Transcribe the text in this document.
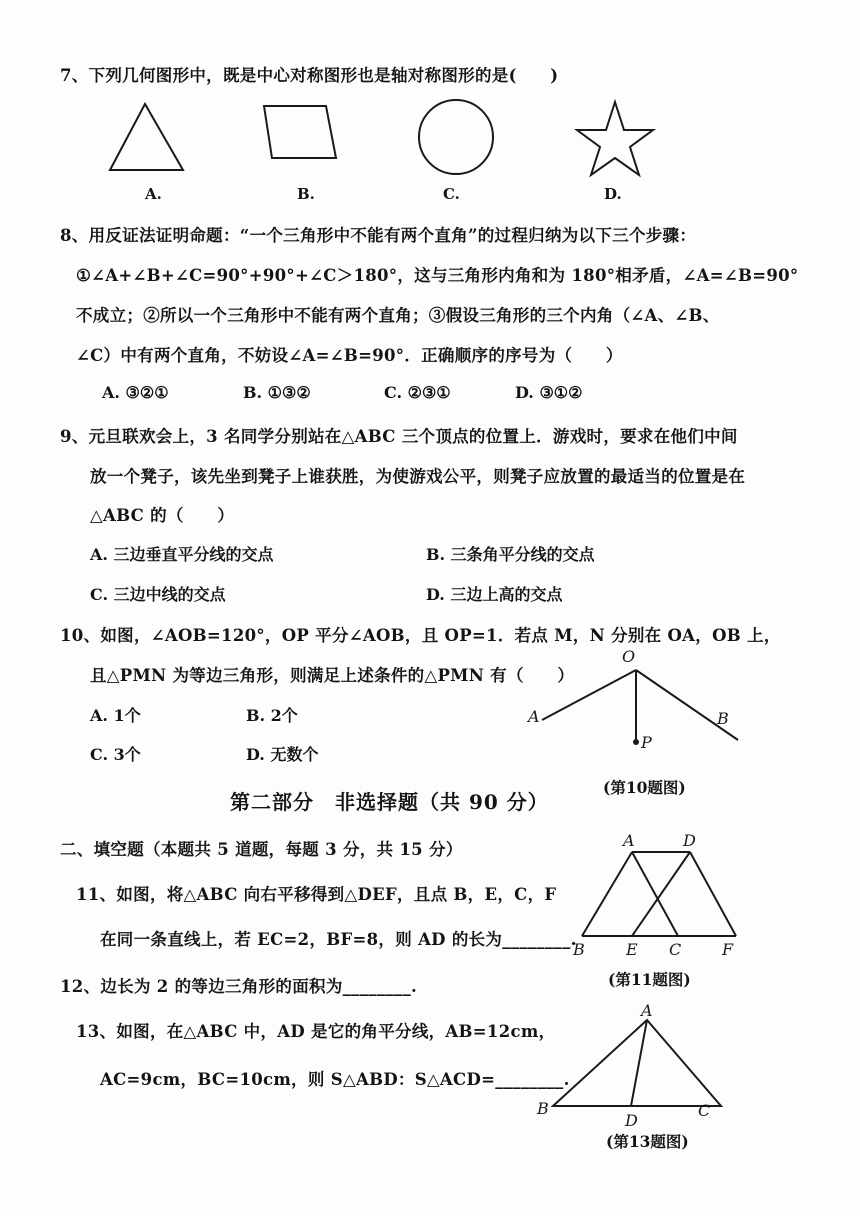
7、下列几何图形中，既是中心对称图形也是轴对称图形的是(　　)
A.	B.	C.	D.
8、用反证法证明命题：“一个三角形中不能有两个直角”的过程归纳为以下三个步骤：
①∠A+∠B+∠C=90°+90°+∠C＞180°，这与三角形内角和为 180°相矛盾，∠A=∠B=90°
不成立；②所以一个三角形中不能有两个直角；③假设三角形的三个内角（∠A、∠B、
∠C）中有两个直角，不妨设∠A=∠B=90°．正确顺序的序号为（　　）
A. ③②①	B. ①③②	C. ②③①	D. ③①②
9、元旦联欢会上，3 名同学分别站在△ABC 三个顶点的位置上．游戏时，要求在他们中间
放一个凳子，该先坐到凳子上谁获胜，为使游戏公平，则凳子应放置的最适当的位置是在
△ABC 的（　　）
A. 三边垂直平分线的交点	B. 三条角平分线的交点
C. 三边中线的交点	D. 三边上高的交点
10、如图，∠AOB=120°，OP 平分∠AOB，且 OP=1．若点 M，N 分别在 OA，OB 上，
且△PMN 为等边三角形，则满足上述条件的△PMN 有（　　）
A. 1个	B. 2个
C. 3个	D. 无数个
O
A	B
P
(第10题图)
第二部分　非选择题（共 90 分）
二、填空题（本题共 5 道题，每题 3 分，共 15 分）
11、如图，将△ABC 向右平移得到△DEF，且点 B，E，C，F
在同一条直线上，若 EC=2，BF=8，则 AD 的长为________.
A	D
B	E C	F
(第11题图)
12、边长为 2 的等边三角形的面积为________.
13、如图，在△ABC 中，AD 是它的角平分线，AB=12cm，
AC=9cm，BC=10cm，则 S△ABD：S△ACD=________.
A
B	C
D
(第13题图)
